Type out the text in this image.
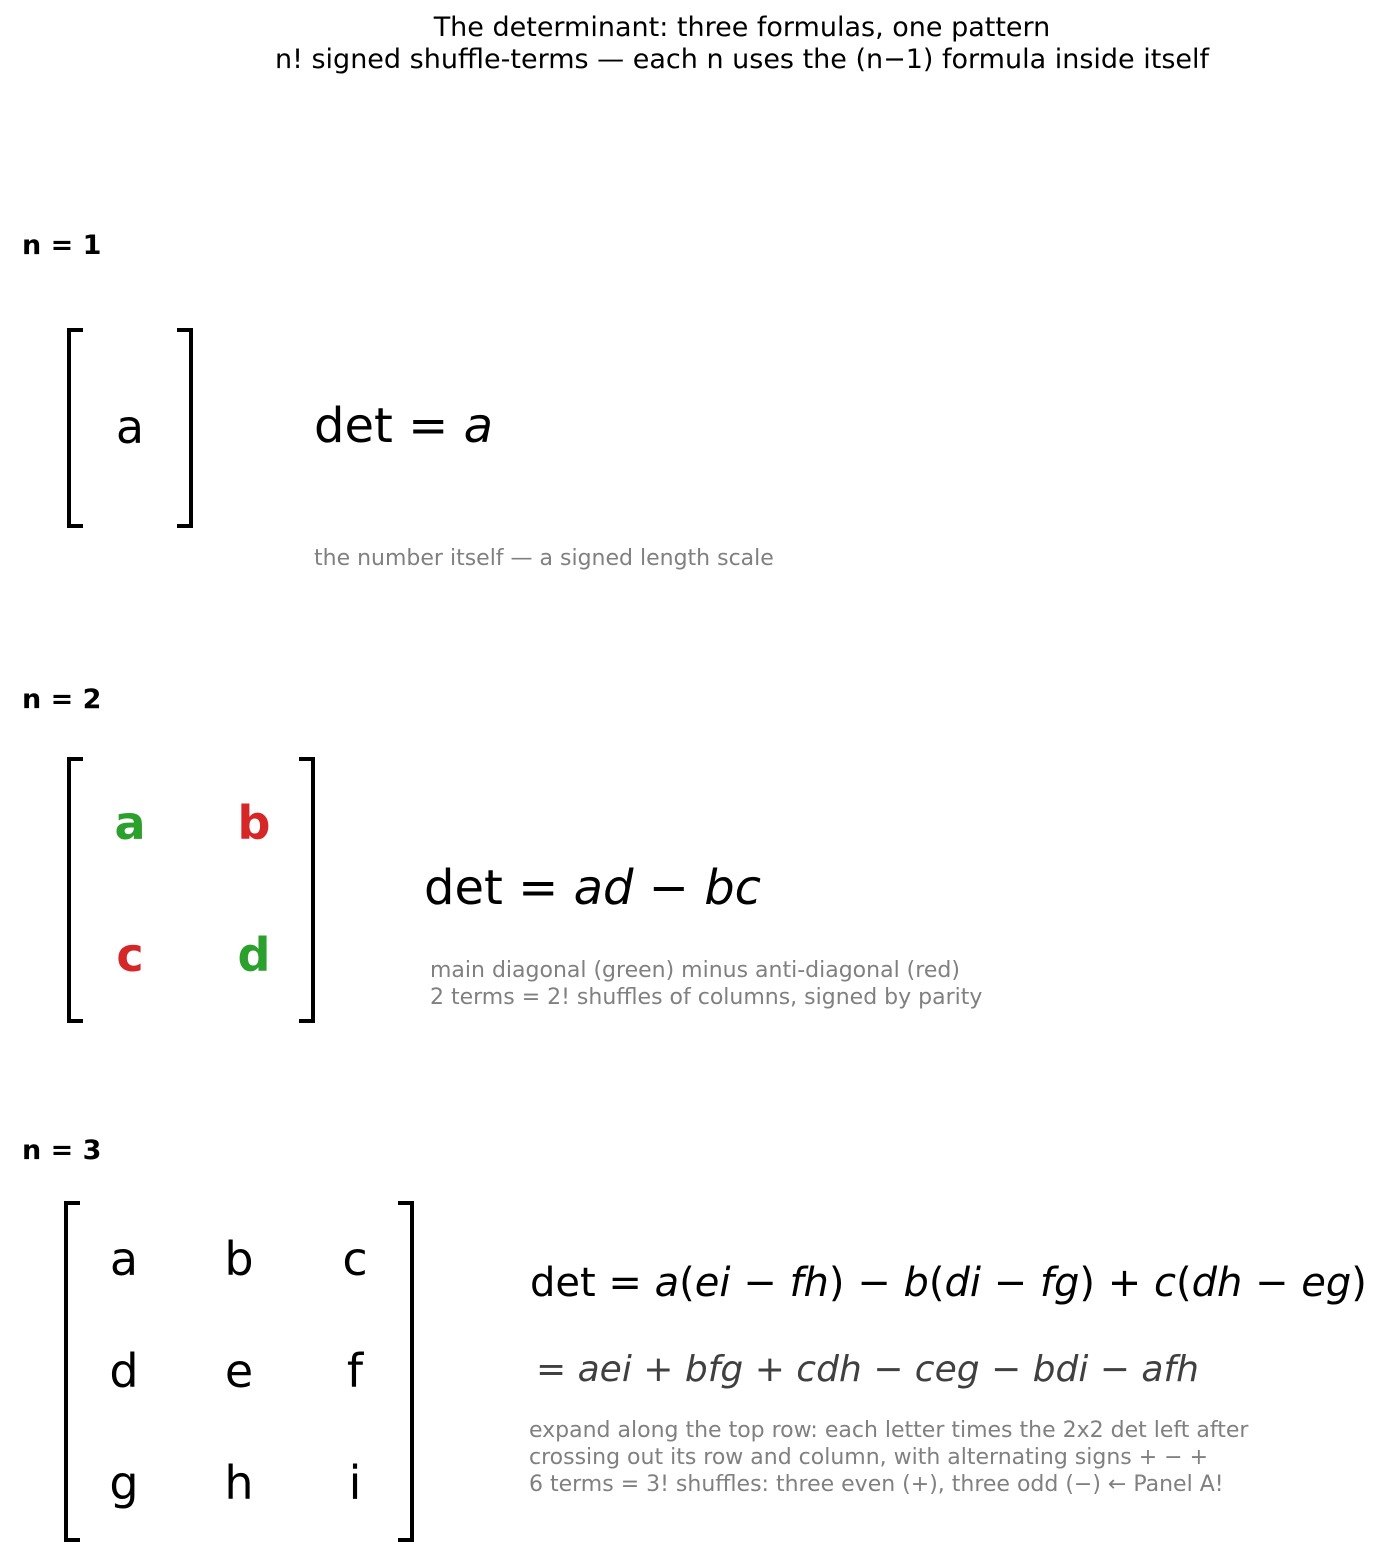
The determinant: three formulas, one pattern
n! signed shuffle-terms — each n uses the (n−1) formula inside itself
n = 1
a	det = a
the number itself — a signed length scale
n = 2
a	b
c	d
det = ad − bc
main diagonal (green) minus anti-diagonal (red)
2 terms = 2! shuffles of columns, signed by parity
n = 3
a	b	c
d	e	f
g	h	i
det = a(ei − fh) − b(di − fg) + c(dh − eg)
= aei + bfg + cdh − ceg − bdi − afh
expand along the top row: each letter times the 2x2 det left after
crossing out its row and column, with alternating signs + − +
6 terms = 3! shuffles: three even (+), three odd (−) ← Panel A!
